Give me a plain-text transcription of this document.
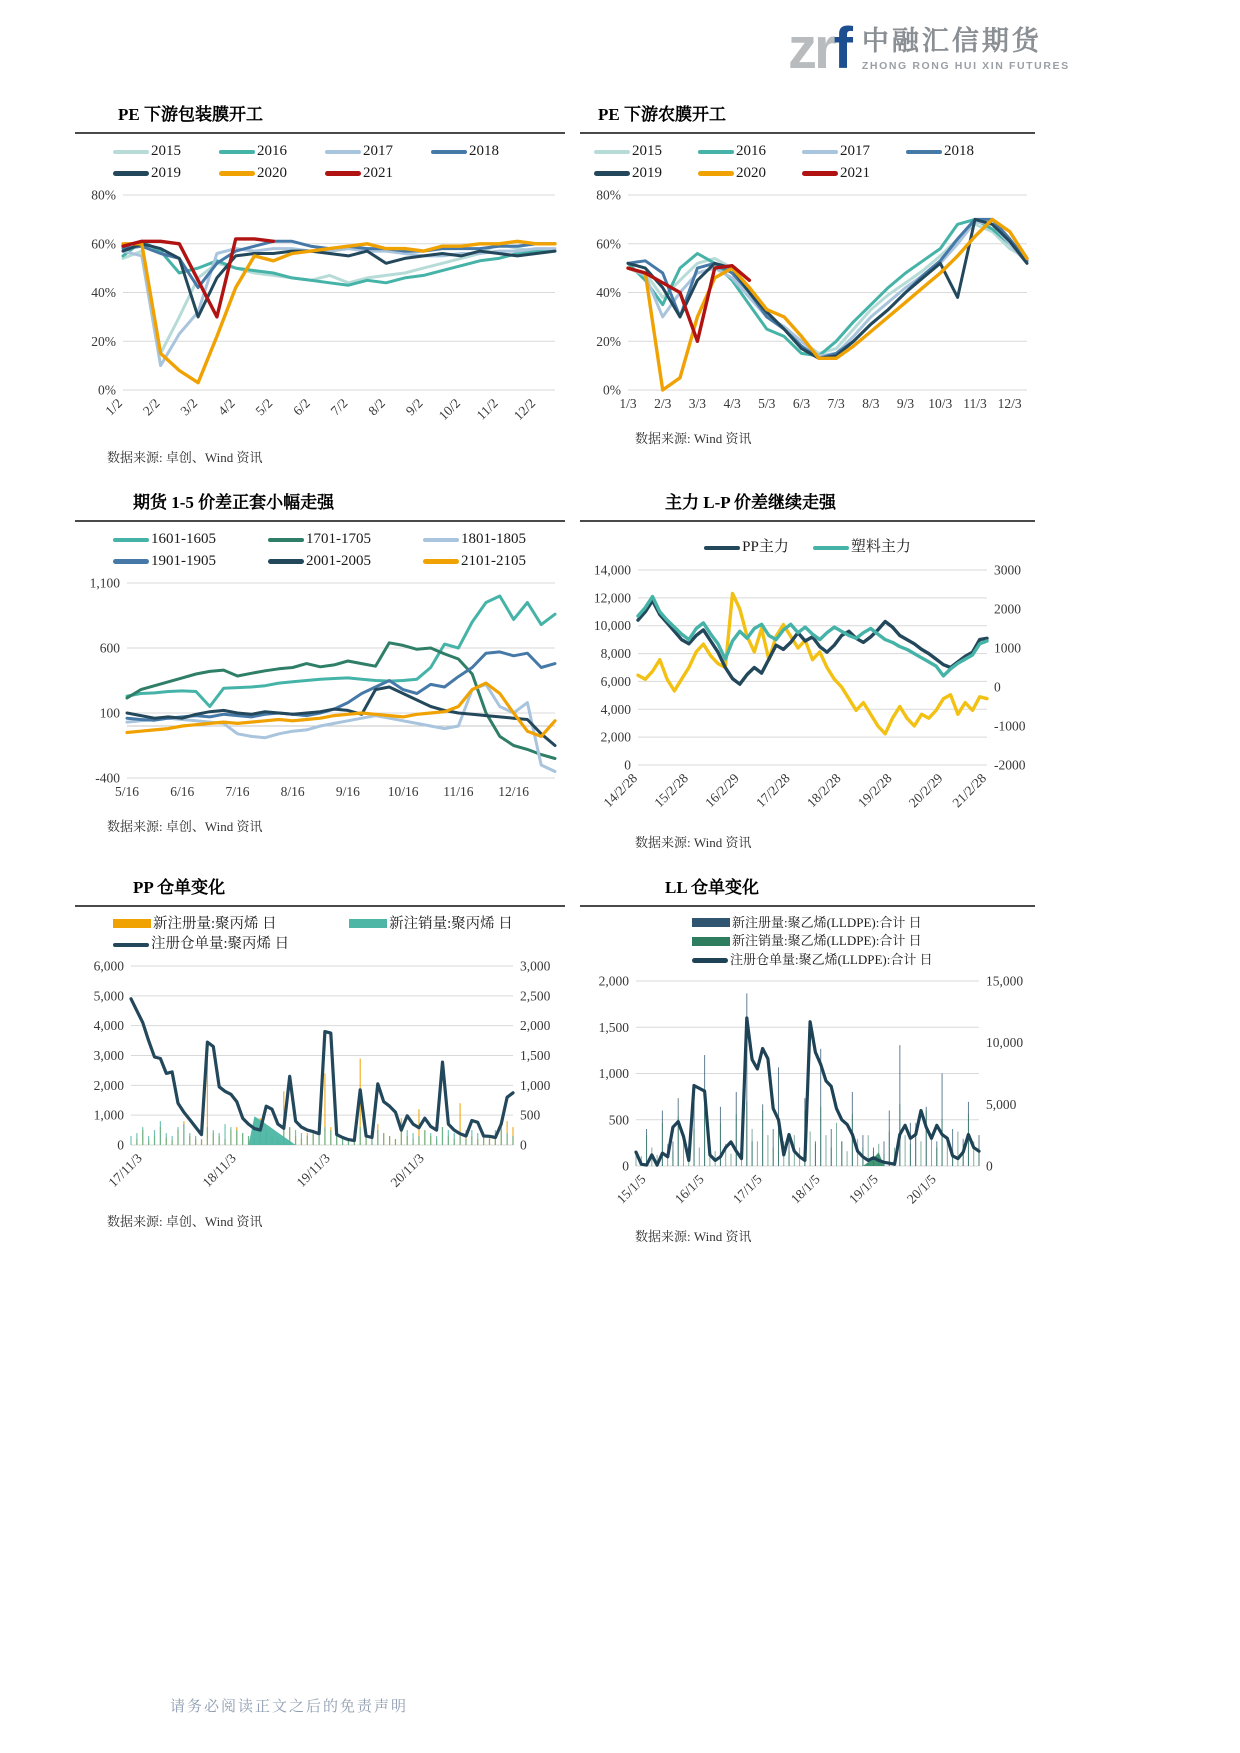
zrf 中融汇信期货
ZHONG RONG HUI XIN FUTURES
PE 下游包装膜开工
2015	2016	2017	2018
2019	2020	2021
80%
60%
40%
20%
0%
1/2 2/2 3/2 4/2 5/2 6/2 7/2 8/2 9/2 10/2 11/2 12/2
数据来源: 卓创、Wind 资讯
PE 下游农膜开工
2015	2016	2017	2018
2019	2020	2021
80%
60%
40%
20%
0%
1/3 2/3 3/3 4/3 5/3 6/3 7/3 8/3 9/3 10/3 11/3 12/3
数据来源: Wind 资讯
期货 1-5 价差正套小幅走强
1601-1605	1701-1705	1801-1805
1901-1905	2001-2005	2101-2105
1,100
600
100
-400
5/16 6/16 7/16 8/16 9/16 10/16 11/16 12/16
数据来源: 卓创、Wind 资讯
主力 L-P 价差继续走强
PP主力	塑料主力
14,000
12,000
10,000
8,000
6,000
4,000
2,000
0
3000
2000
1000
0
-1000
-2000
14/2/28 15/2/28 16/2/29 17/2/28 18/2/28 19/2/28 20/2/29 21/2/28
数据来源: Wind 资讯
PP 仓单变化
新注册量:聚丙烯 日	新注销量:聚丙烯 日
注册仓单量:聚丙烯 日
6,000
5,000
4,000
3,000
2,000
1,000
0
3,000
2,500
2,000
1,500
1,000
500
0
17/11/3	18/11/3	19/11/3	20/11/3
数据来源: 卓创、Wind 资讯
LL 仓单变化
新注册量:聚乙烯(LLDPE):合计 日
新注销量:聚乙烯(LLDPE):合计 日
注册仓单量:聚乙烯(LLDPE):合计 日
2,000
1,500
1,000
500
0
15,000
10,000
5,000
0
15/1/5 16/1/5 17/1/5 18/1/5 19/1/5 20/1/5
数据来源: Wind 资讯
请务必阅读正文之后的免责声明
